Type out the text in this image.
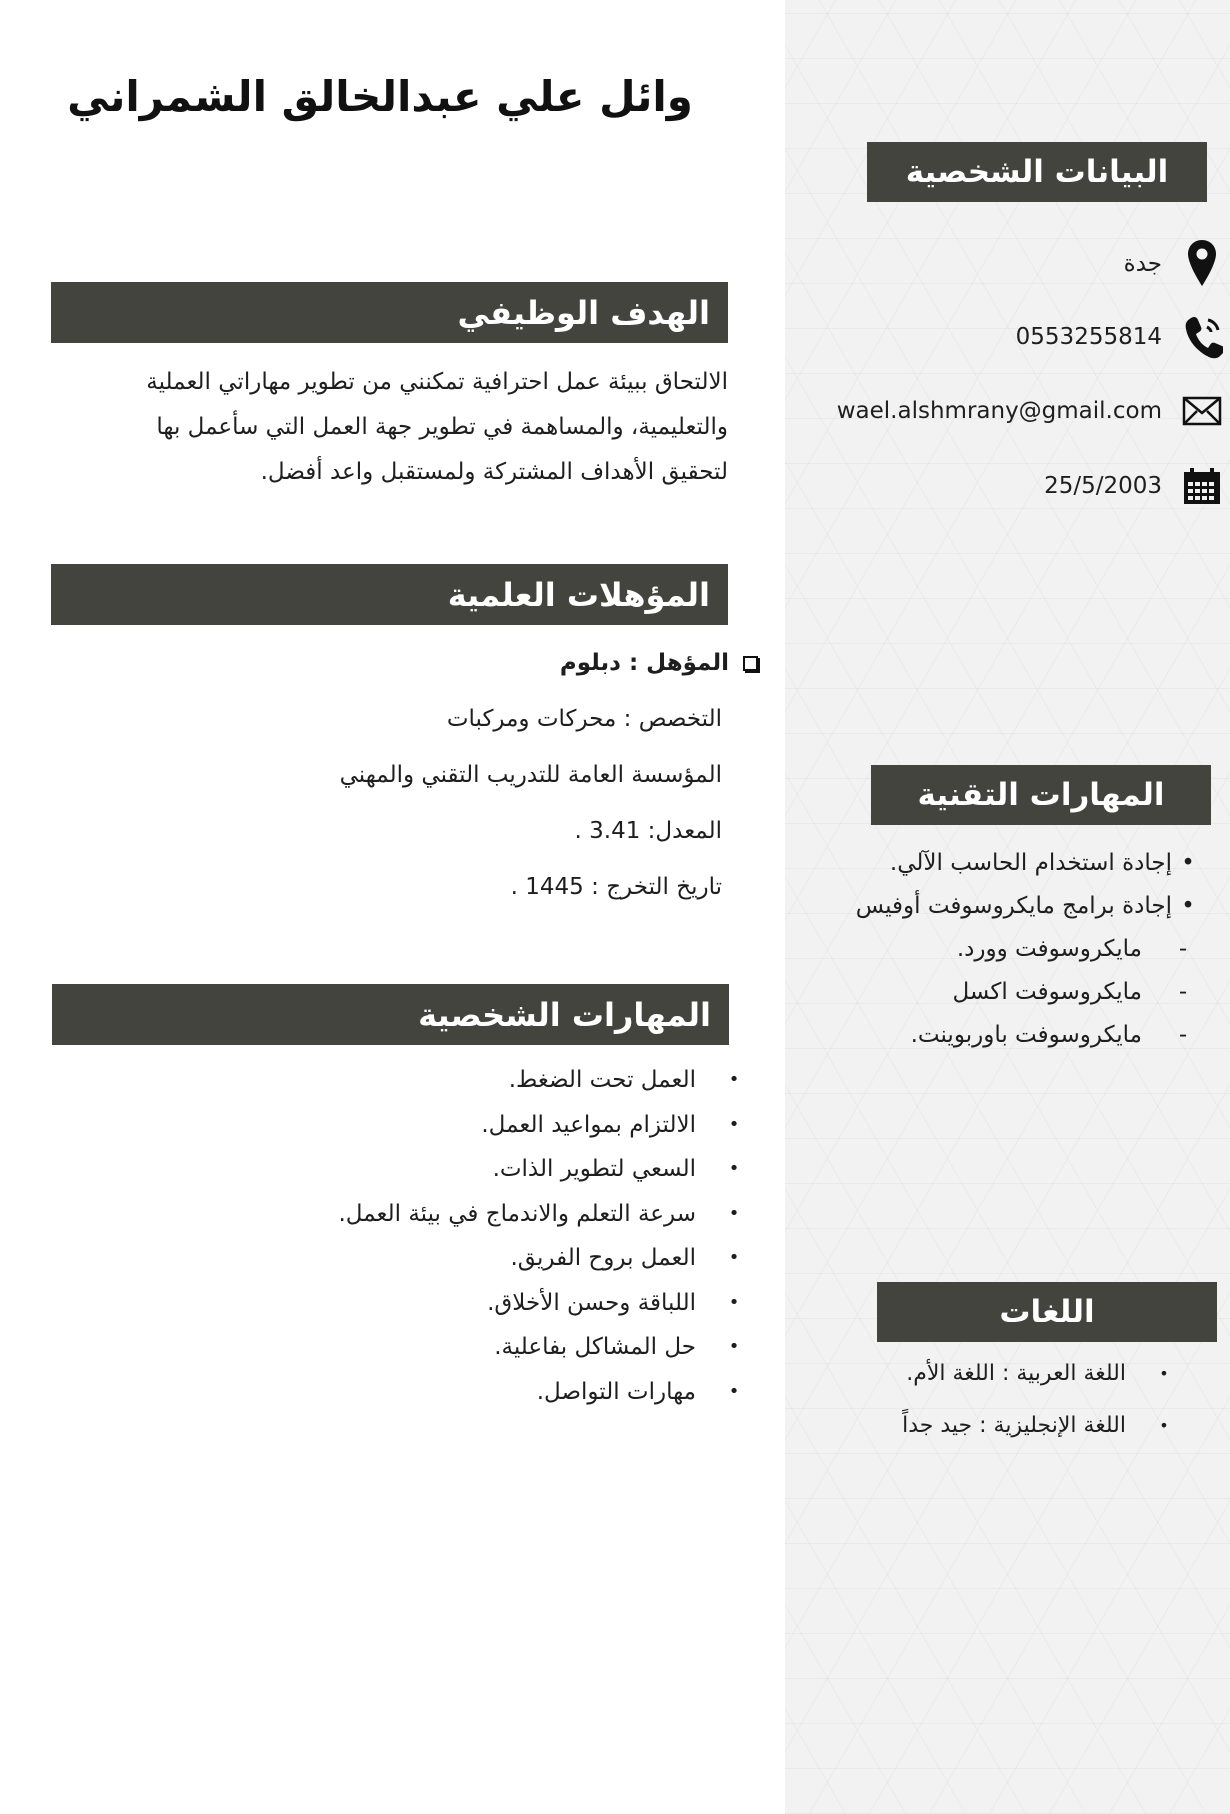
وائل علي عبدالخالق الشمراني
الهدف الوظيفي
الالتحاق ببيئة عمل احترافية تمكنني من تطوير مهاراتي العملية
والتعليمية، والمساهمة في تطوير جهة العمل التي سأعمل بها
لتحقيق الأهداف المشتركة ولمستقبل واعد أفضل.
المؤهلات العلمية
المؤهل : دبلوم
التخصص : محركات ومركبات
المؤسسة العامة للتدريب التقني والمهني
المعدل: 3.41 .
تاريخ التخرج : 1445 .
المهارات الشخصية
•
العمل تحت الضغط.
•
الالتزام بمواعيد العمل.
•
السعي لتطوير الذات.
•
سرعة التعلم والاندماج في بيئة العمل.
•
العمل بروح الفريق.
•
اللباقة وحسن الأخلاق.
•
حل المشاكل بفاعلية.
•
مهارات التواصل.
البيانات الشخصية
جدة
0553255814
wael.alshmrany@gmail.com
25/5/2003
المهارات التقنية
•
إجادة استخدام الحاسب الآلي.
•
إجادة برامج مايكروسوفت أوفيس
-
مايكروسوفت وورد.
-
مايكروسوفت اكسل
-
مايكروسوفت باوربوينت.
اللغات
•
اللغة العربية : اللغة الأم.
•
اللغة الإنجليزية : جيد جداً
